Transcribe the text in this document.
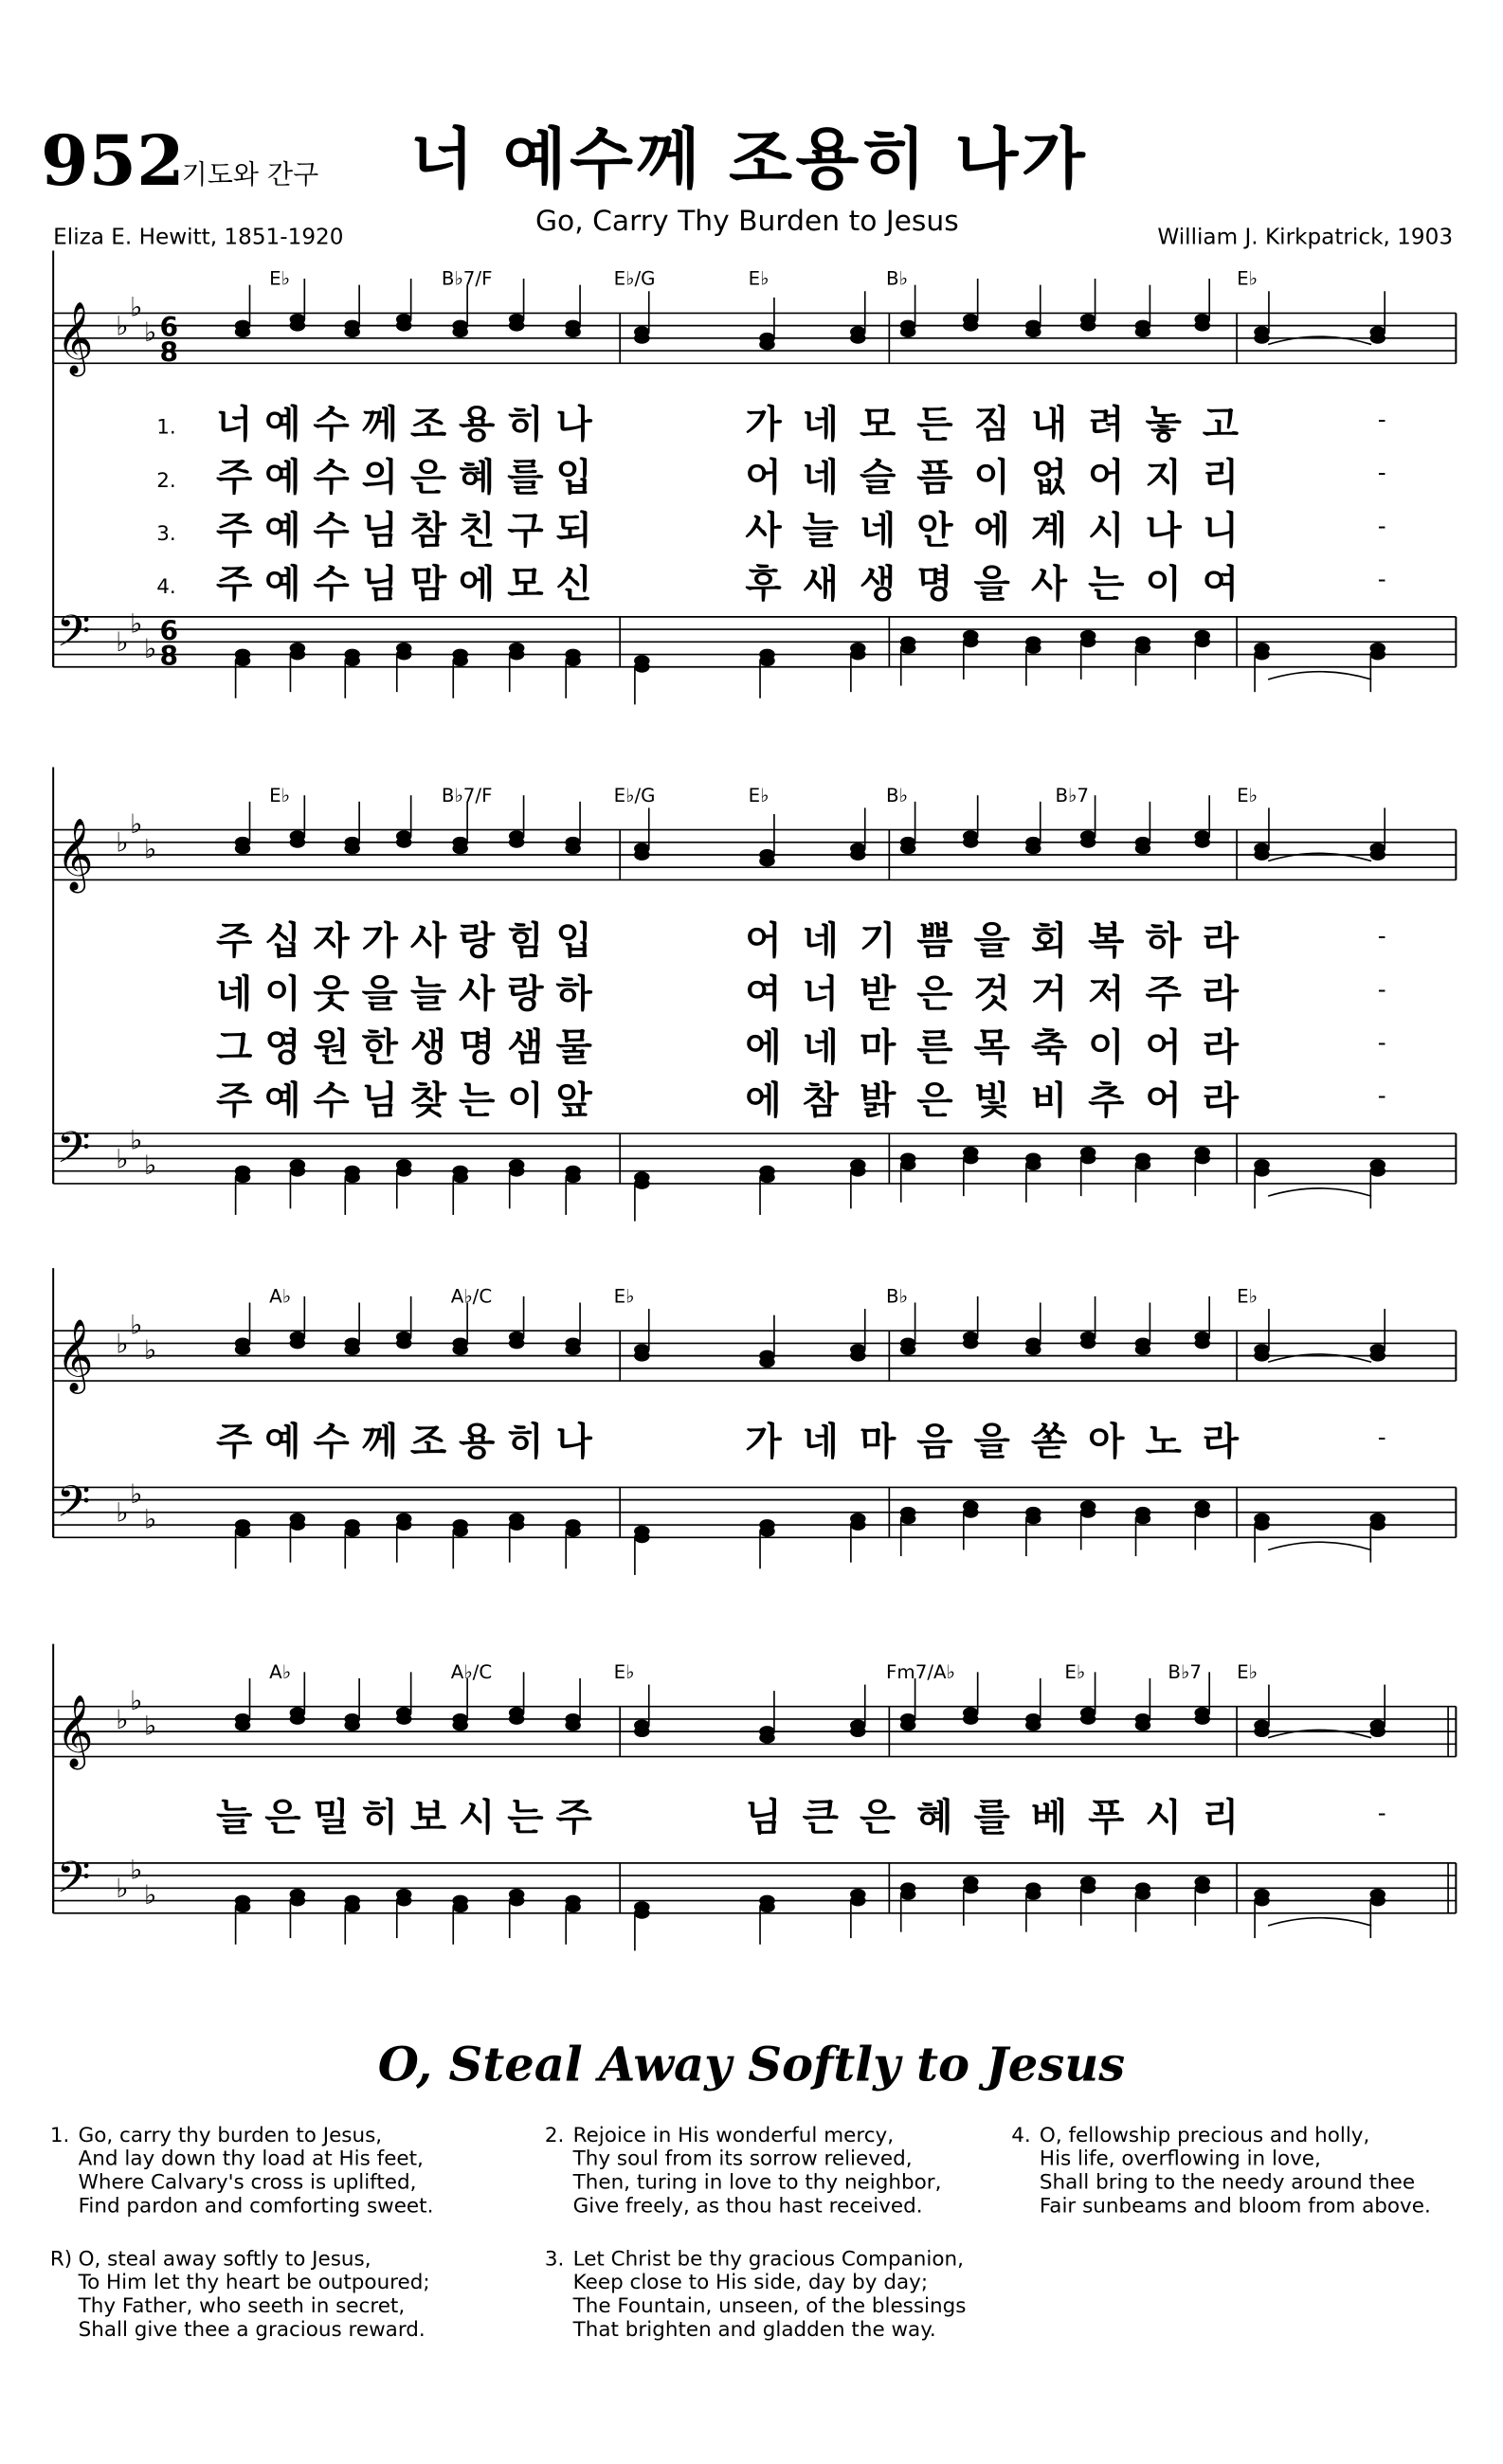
952
기도와 간구 너 예수께 조용히 나가
Go, Carry Thy Burden to Jesus
Eliza E. Hewitt, 1851-1920	William J. Kirkpatrick, 1903
𝄞 ♭
♭
♭ 6
8
𝄢 ♭
♭
♭
6
8
E♭	B♭7/F	E♭/G	E♭	B♭	E♭
1. 너 예 수 께 조 용 히 나	가 네 모 든 짐 내 려 놓 고	-
2. 주 예 수 의 은 혜 를 입	어 네 슬 픔 이 없 어 지 리	-
3. 주 예 수 님 참 친 구 되	사 늘 네 안 에 계 시 나 니	-
4. 주 예 수 님 맘 에 모 신	후 새 생 명 을 사 는 이 여	-
𝄞 ♭
♭
♭
𝄢 ♭
♭
♭
E♭	B♭7/F	E♭/G	E♭	B♭	B♭7	E♭
주 십 자 가 사 랑 힘 입	어 네 기 쁨 을 회 복 하 라	-
네 이 웃 을 늘 사 랑 하	여 너 받 은 것 거 저 주 라	-
그 영 원 한 생 명 샘 물	에 네 마 른 목 축 이 어 라	-
주 예 수 님 찾 는 이 앞	에 참 밝 은 빛 비 추 어 라	-
𝄞 ♭
♭
♭
𝄢 ♭
♭
♭
A♭	A♭/C	E♭	B♭	E♭
주 예 수 께 조 용 히 나	가 네 마 음 을 쏟 아 노 라	-
𝄞 ♭
♭
♭
𝄢 ♭
♭
♭
A♭	A♭/C	E♭	Fm7/A♭	E♭	B♭7	E♭
늘 은 밀 히 보 시 는 주	님 큰 은 혜 를 베 푸 시 리	-
O, Steal Away Softly to Jesus

1.

Go, carry thy burden to Jesus,

And lay down thy load at His feet,

Where Calvary's cross is uplifted,

Find pardon and comforting sweet.

R)

O, steal away softly to Jesus,

To Him let thy heart be outpoured;

Thy Father, who seeth in secret,

Shall give thee a gracious reward.

2.

Rejoice in His wonderful mercy,

Thy soul from its sorrow relieved,

Then, turing in love to thy neighbor,

Give freely, as thou hast received.

3.

Let Christ be thy gracious Companion,

Keep close to His side, day by day;

The Fountain, unseen, of the blessings

That brighten and gladden the way.

4.

O, fellowship precious and holly,

His life, overflowing in love,

Shall bring to the needy around thee

Fair sunbeams and bloom from above.
